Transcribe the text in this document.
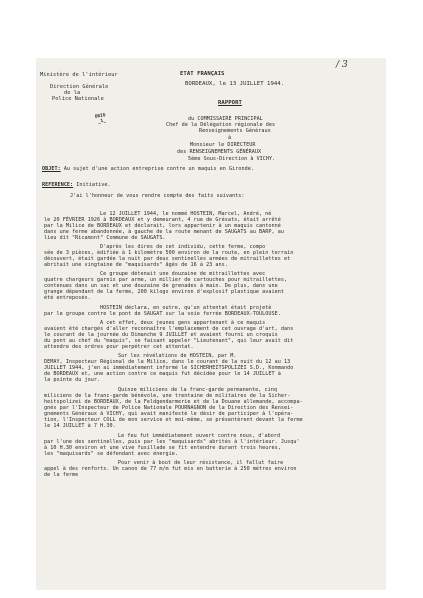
/ 3
Ministère de l'intérieur
Direction Générale
de la
Police Nationale
ORIG
_1_
ETAT FRANÇAIS
BORDEAUX, le 13 JUILLET 1944.
RAPPORT
du COMMISSAIRE PRINCIPAL
Chef de la Délégation régionale des
Renseignements Généraux
à
Monsieur le DIRECTEUR
des RENSEIGNEMENTS GÉNÉRAUX
5ème Sous-Direction à VICHY.
OBJET: Au sujet d'une action entreprise contre un maquis en Gironde.
REFERENCE: Initiative.
J'ai l'honneur de vous rendre compte des faits suivants:
Le 12 JUILLET 1944, le nommé HOSTEIN, Marcel, André, né
le 20 FÉVRIER 1926 à BORDEAUX et y demeurant, 4 rue de Grésats, était arrêté
par la Milice de BORDEAUX et déclarait, lors appartenir à un maquis cantonné
dans une ferme abandonnée, à gauche de la route menant de SAUGATS au BARP, au
lieu dit "Ricamont" Commune de SAUGATS.
D'après les dires de cet individu, cette ferme, compo
sée de 3 pièces, édifiée à 1 kilomètre 500 environ de la route, en plein terrain
découvert, était gardée la nuit par deux sentinelles armées de mitraillettes et
abritait une vingtaine de "maquisards" âgés de 16 à 23 ans.
Ce groupe détenait une douzaine de mitraillettes avec
quatre chargeurs garnis par arme, un millier de cartouches pour mitraillettes,
contenues dans un sac et une douzaine de grenades à main. De plus, dans une
grange dépendant de la ferme, 200 kilogs environ d'explosif plastique avaient
été entreposés.
HOSTEIN déclara, en outre, qu'un attentat était projeté
par le groupe contre le pont de SAUGAT sur la voie ferrée BORDEAUX-TOULOUSE.
A cet effet, deux jeunes gens appartenant à ce maquis
avaient été chargés d'aller reconnaître l'emplacement de cet ouvrage d'art, dans
le courant de la journée du Dimanche 9 JUILLET et avaient fourni un croquis
du pont au chef du "maquis", se faisant appeler "Lieutenant", qui leur avait dit
attendre des ordres pour perpétrer cet attentat.
Sur les révélations de HOSTEIN, par M.
DEMAY, Inspecteur Régional de la Milice, dans le courant de la nuit du 12 au 13
JUILLET 1944, j'en ai immédiatement informé le SICHERHEITSPOLIZEI S.D., Kommando
de BORDEAUX et, une action contre ce maquis fut décidée pour le 14 JUILLET à
la pointe du jour.
Quinze miliciens de la franc-garde permanente, cinq
miliciens de la franc-garde bénévole, une trentaine de militaires de la Sicher-
heitspolizei de BORDEAUX, de la Feldgendarmerie et de la Douane allemande, accompa-
gnés par l'Inspecteur de Police Nationale POURNAGNON de la Direction des Rensei-
gnements Généraux à VICHY, qui avait manifesté le désir de participer à l'opéra-
tion, l'Inspecteur COLL de mon service et moi-même, se présentèrent devant la ferme
le 14 JUILLET à 7 H.30.
Le feu fut immédiatement ouvert contre nous, d'abord
par l'une des sentinelles, puis par les "maquisards" abrités à l'intérieur. Jusqu'
à 10 H.30 environ et une vive fusillade se fit entendre durant trois heures,
les "maquisards" se défendant avec énergie.
Pour venir à bout de leur résistance, il fallut faire
appel à des renforts. Un canon de 77 m/m fut mis en batterie à 250 mètres environ
de la ferme
